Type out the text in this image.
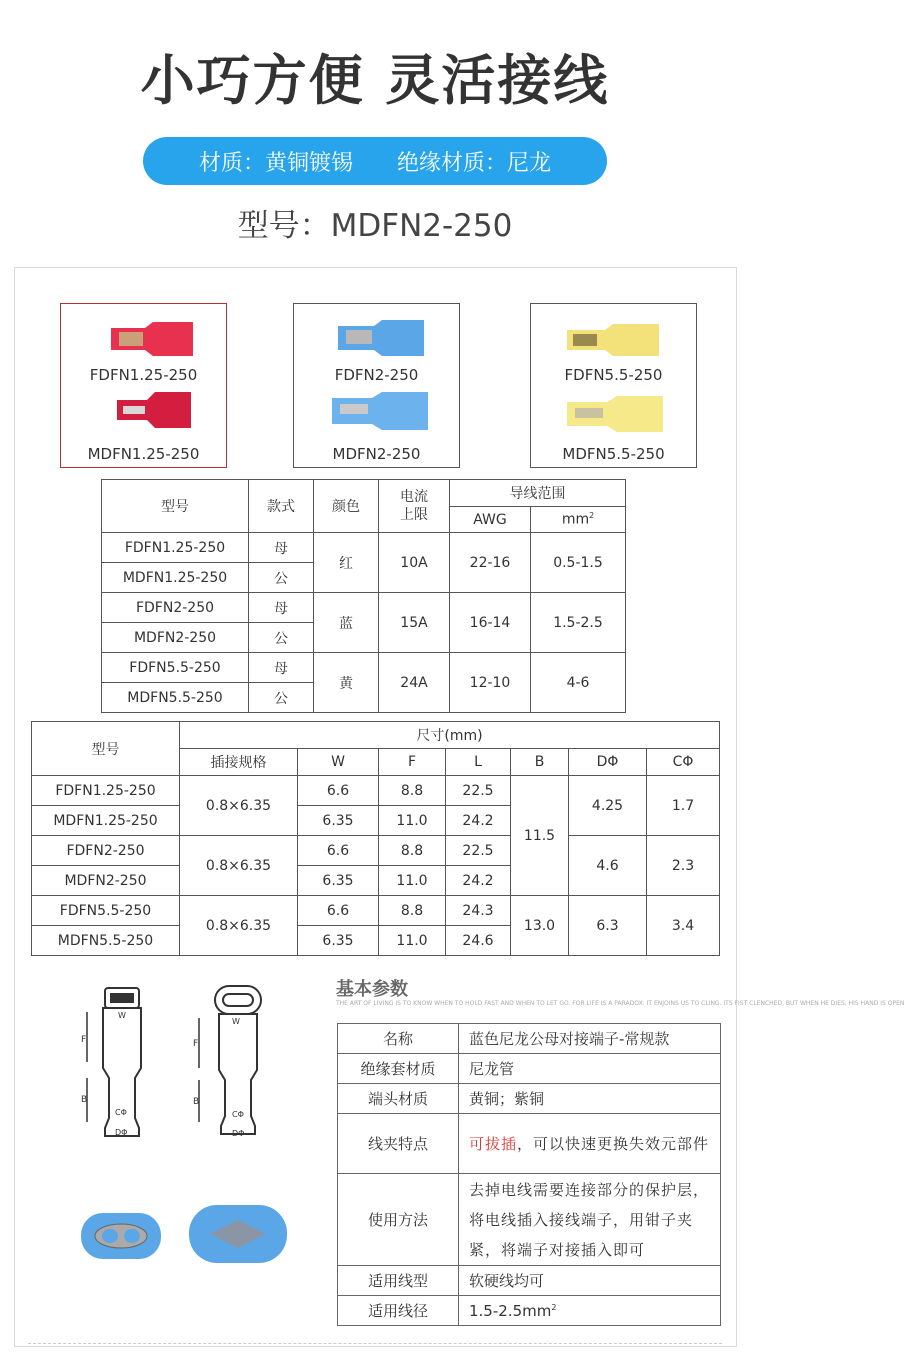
小巧方便 灵活接线
材质：黄铜镀锡 绝缘材质：尼龙
型号：MDFN2-250
FDFN1.25-250
MDFN1.25-250
FDFN2-250
MDFN2-250
FDFN5.5-250
MDFN5.5-250
型号	款式	颜色	电流
上限	导线范围	
				AWG	$mm^2$
FDFN1.25-250	母	红	10A	22-16	0.5-1.5
MDFN1.25-250	公				
FDFN2-250	母	蓝	15A	16-14	1.5-2.5
MDFN2-250	公				
FDFN5.5-250	母	黄	24A	12-10	4-6
MDFN5.5-250	公				
型号	尺寸(mm)						
	插接规格	W	F	L	B	DΦ	CΦ
FDFN1.25-250	0.8×6.35	6.6	8.8	22.5	11.5	4.25	1.7
MDFN1.25-250		6.35	11.0	24.2			
FDFN2-250	0.8×6.35	6.6	8.8	22.5		4.6	2.3
MDFN2-250		6.35	11.0	24.2			
FDFN5.5-250	0.8×6.35	6.6	8.8	24.3	13.0	6.3	3.4
MDFN5.5-250		6.35	11.0	24.6			
F
B
W
CΦ
DΦ
F
B
W
CΦ
DΦ
基本参数
THE ART OF LIVING IS TO KNOW WHEN TO HOLD FAST AND WHEN TO LET GO. FOR LIFE IS A PARADOX: IT ENJOINS US TO CLING. ITS FIST CLENCHED, BUT WHEN HE DIES, HIS HAND IS OPEN
名称	蓝色尼龙公母对接端子-常规款
绝缘套材质	尼龙管
端头材质	黄铜；紫铜
线夹特点	可拔插，可以快速更换失效元部件
使用方法	去掉电线需要连接部分的保护层，将电线插入接线端子，用钳子夹紧，将端子对接插入即可
适用线型	软硬线均可
适用线径	$1.5-2.5mm^2$
